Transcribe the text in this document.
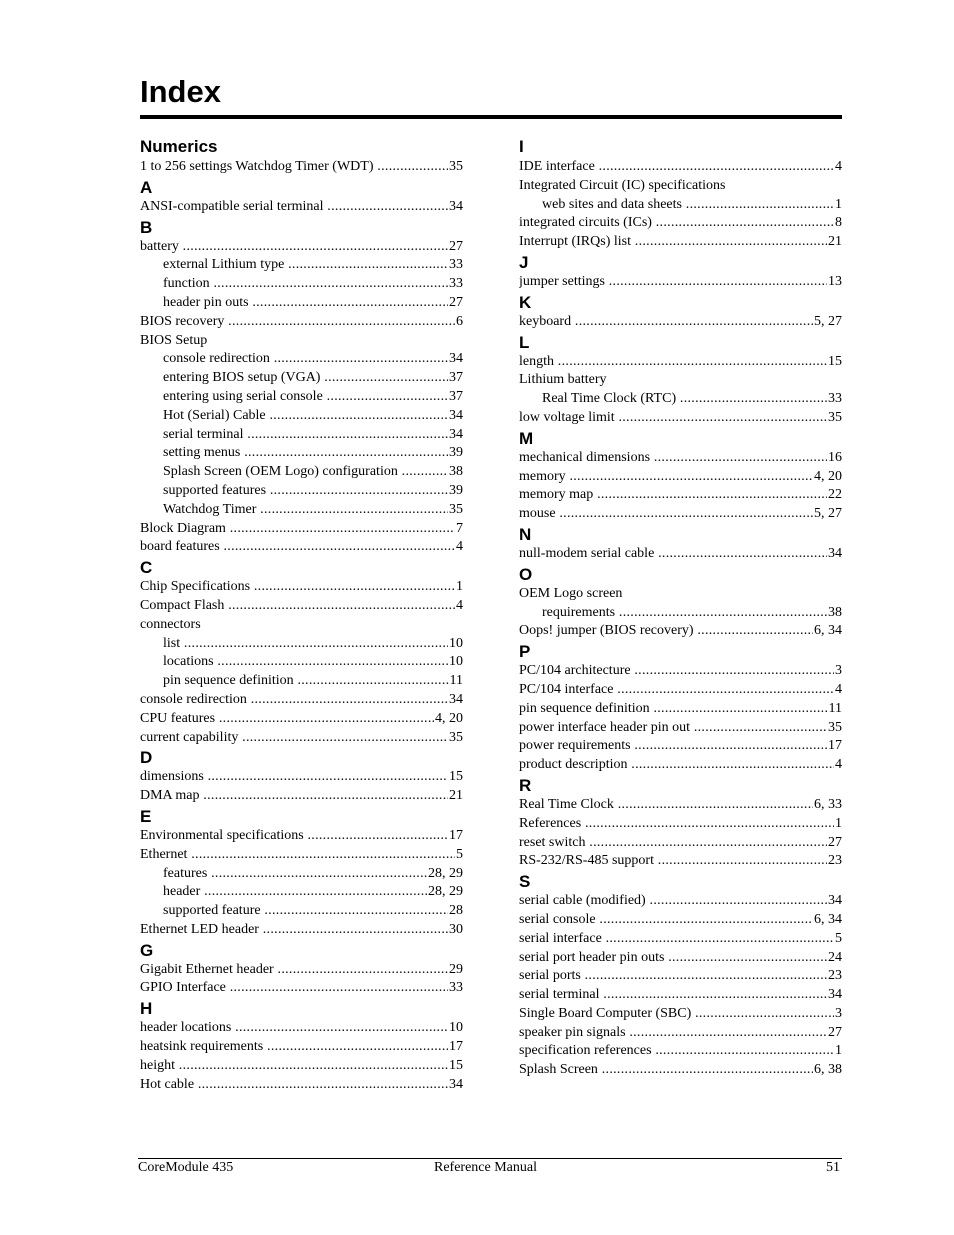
Index
Numerics
1 to 256 settings Watchdog Timer (WDT) .....	35
A
ANSI-compatible serial terminal .....	34
B
battery .....	27
external Lithium type .....	33
function .....	33
header pin outs .....	27
BIOS recovery .....	6
BIOS Setup
console redirection .....	34
entering BIOS setup (VGA) .....	37
entering using serial console .....	37
Hot (Serial) Cable .....	34
serial terminal .....	34
setting menus .....	39
Splash Screen (OEM Logo) configuration .....	38
supported features .....	39
Watchdog Timer .....	35
Block Diagram .....	7
board features .....	4
C
Chip Specifications .....	1
Compact Flash .....	4
connectors
list .....	10
locations .....	10
pin sequence definition .....	11
console redirection .....	34
CPU features .....	4, 20
current capability .....	35
D
dimensions .....	15
DMA map .....	21
E
Environmental specifications .....	17
Ethernet .....	5
features .....	28, 29
header .....	28, 29
supported feature .....	28
Ethernet LED header .....	30
G
Gigabit Ethernet header .....	29
GPIO Interface .....	33
H
header locations .....	10
heatsink requirements .....	17
height .....	15
Hot cable .....	34
I
IDE interface .....	4
Integrated Circuit (IC) specifications
web sites and data sheets .....	1
integrated circuits (ICs) .....	8
Interrupt (IRQs) list .....	21
J
jumper settings .....	13
K
keyboard .....	5, 27
L
length .....	15
Lithium battery
Real Time Clock (RTC) .....	33
low voltage limit .....	35
M
mechanical dimensions .....	16
memory .....	4, 20
memory map .....	22
mouse .....	5, 27
N
null-modem serial cable .....	34
O
OEM Logo screen
requirements .....	38
Oops! jumper (BIOS recovery) .....	6, 34
P
PC/104 architecture .....	3
PC/104 interface .....	4
pin sequence definition .....	11
power interface header pin out .....	35
power requirements .....	17
product description .....	4
R
Real Time Clock .....	6, 33
References .....	1
reset switch .....	27
RS-232/RS-485 support .....	23
S
serial cable (modified) .....	34
serial console .....	6, 34
serial interface .....	5
serial port header pin outs .....	24
serial ports .....	23
serial terminal .....	34
Single Board Computer (SBC) .....	3
speaker pin signals .....	27
specification references .....	1
Splash Screen .....	6, 38
CoreModule 435	Reference Manual	51
